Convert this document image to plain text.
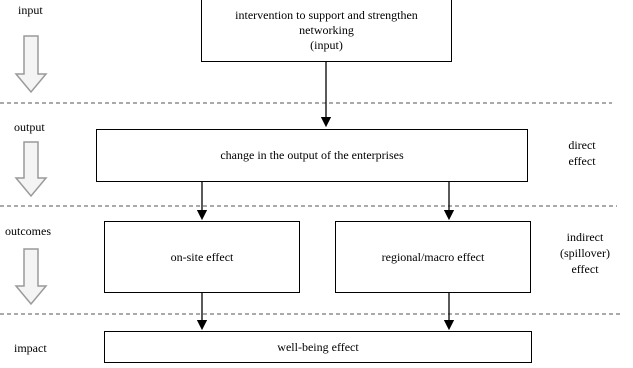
input
output
outcomes
impact
intervention to support and strengthen
networking
(input)
change in the output of the enterprises
on-site effect	regional/macro effect
well-being effect
direct
effect
indirect
(spillover)
effect
